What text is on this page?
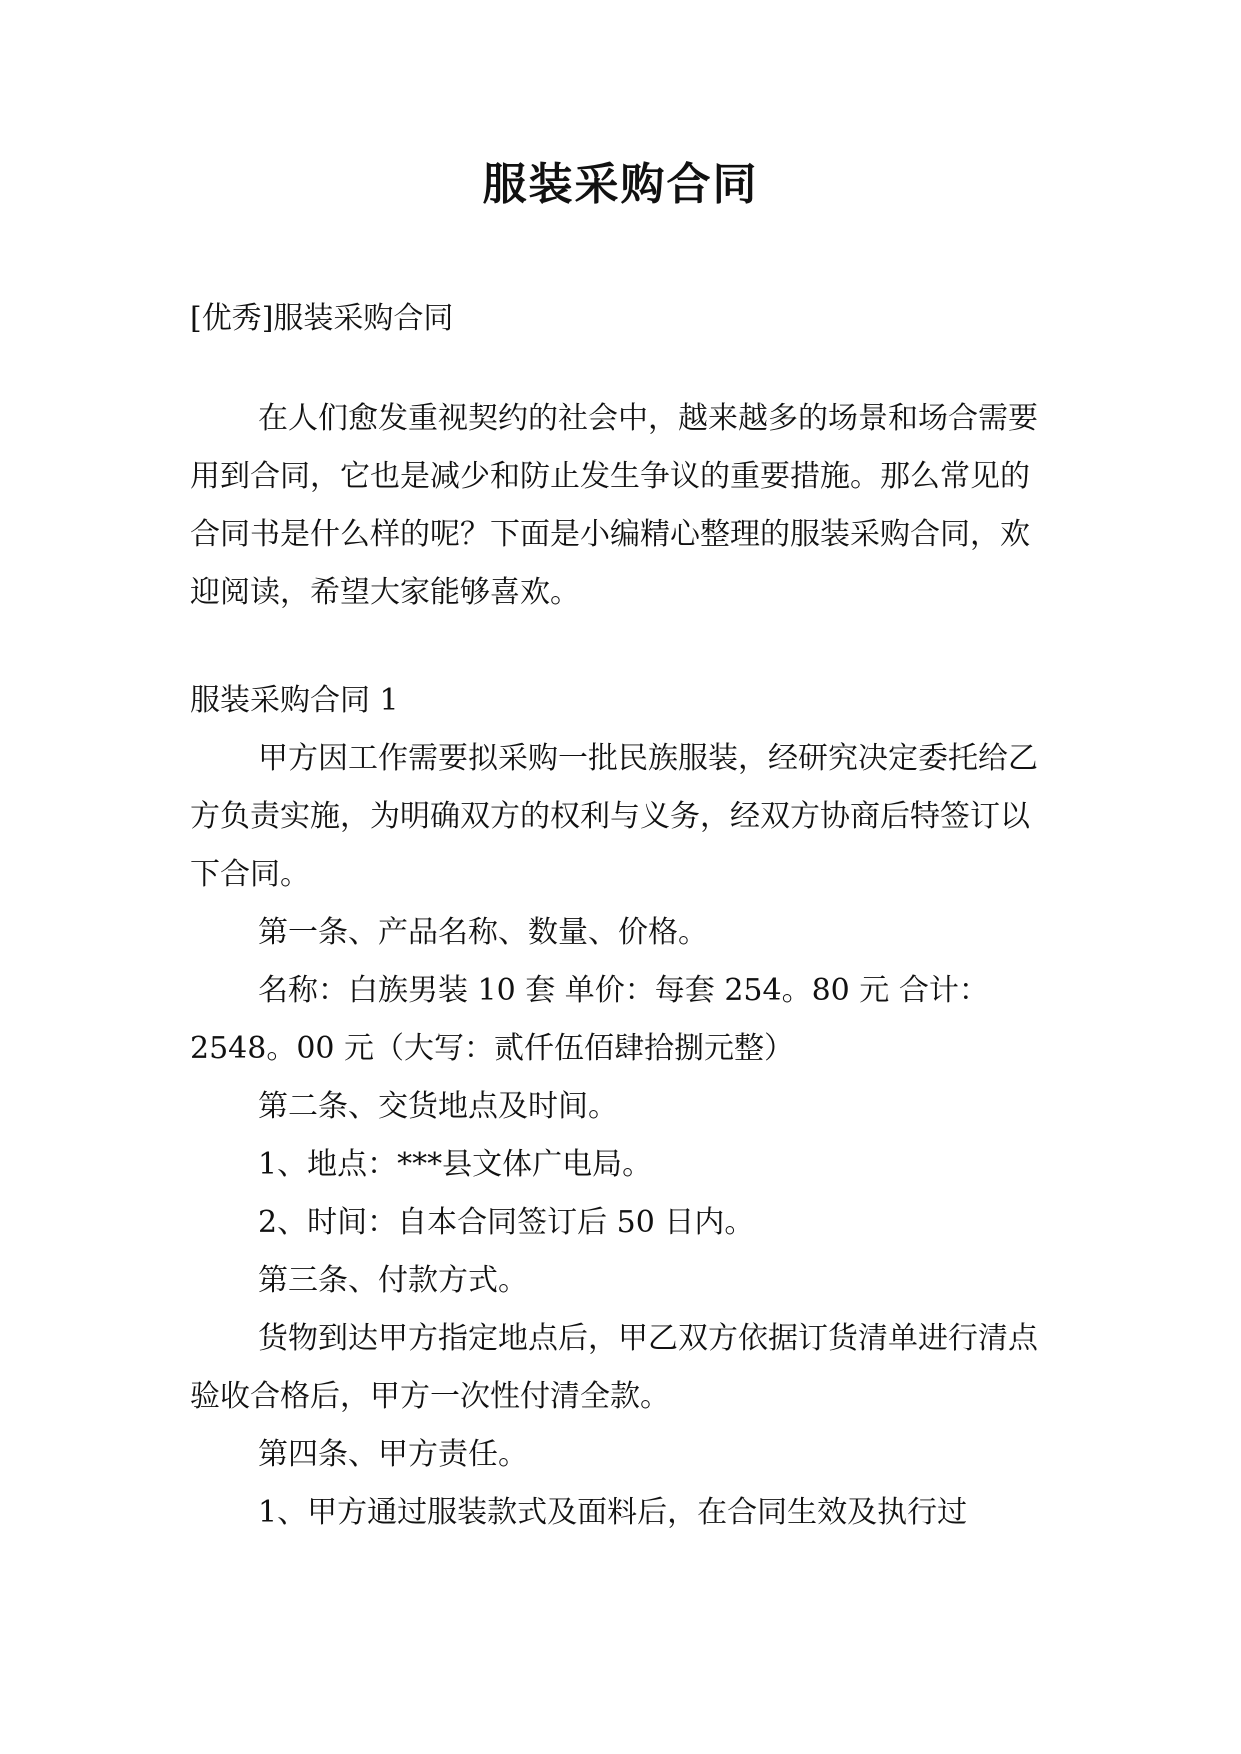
服装采购合同

[优秀]服装采购合同

在人们愈发重视契约的社会中，越来越多的场景和场合需要用到合同，它也是减少和防止发生争议的重要措施。那么常见的合同书是什么样的呢？下面是小编精心整理的服装采购合同，欢迎阅读，希望大家能够喜欢。

服装采购合同 1

甲方因工作需要拟采购一批民族服装，经研究决定委托给乙方负责实施，为明确双方的权利与义务，经双方协商后特签订以下合同。

第一条、产品名称、数量、价格。

名称：白族男装 10 套 单价：每套 254。80 元 合计：2548。00 元（大写：贰仟伍佰肆拾捌元整）

第二条、交货地点及时间。

1、地点：***县文体广电局。

2、时间：自本合同签订后 50 日内。

第三条、付款方式。

货物到达甲方指定地点后，甲乙双方依据订货清单进行清点验收合格后，甲方一次性付清全款。

第四条、甲方责任。

1、甲方通过服装款式及面料后，在合同生效及执行过
